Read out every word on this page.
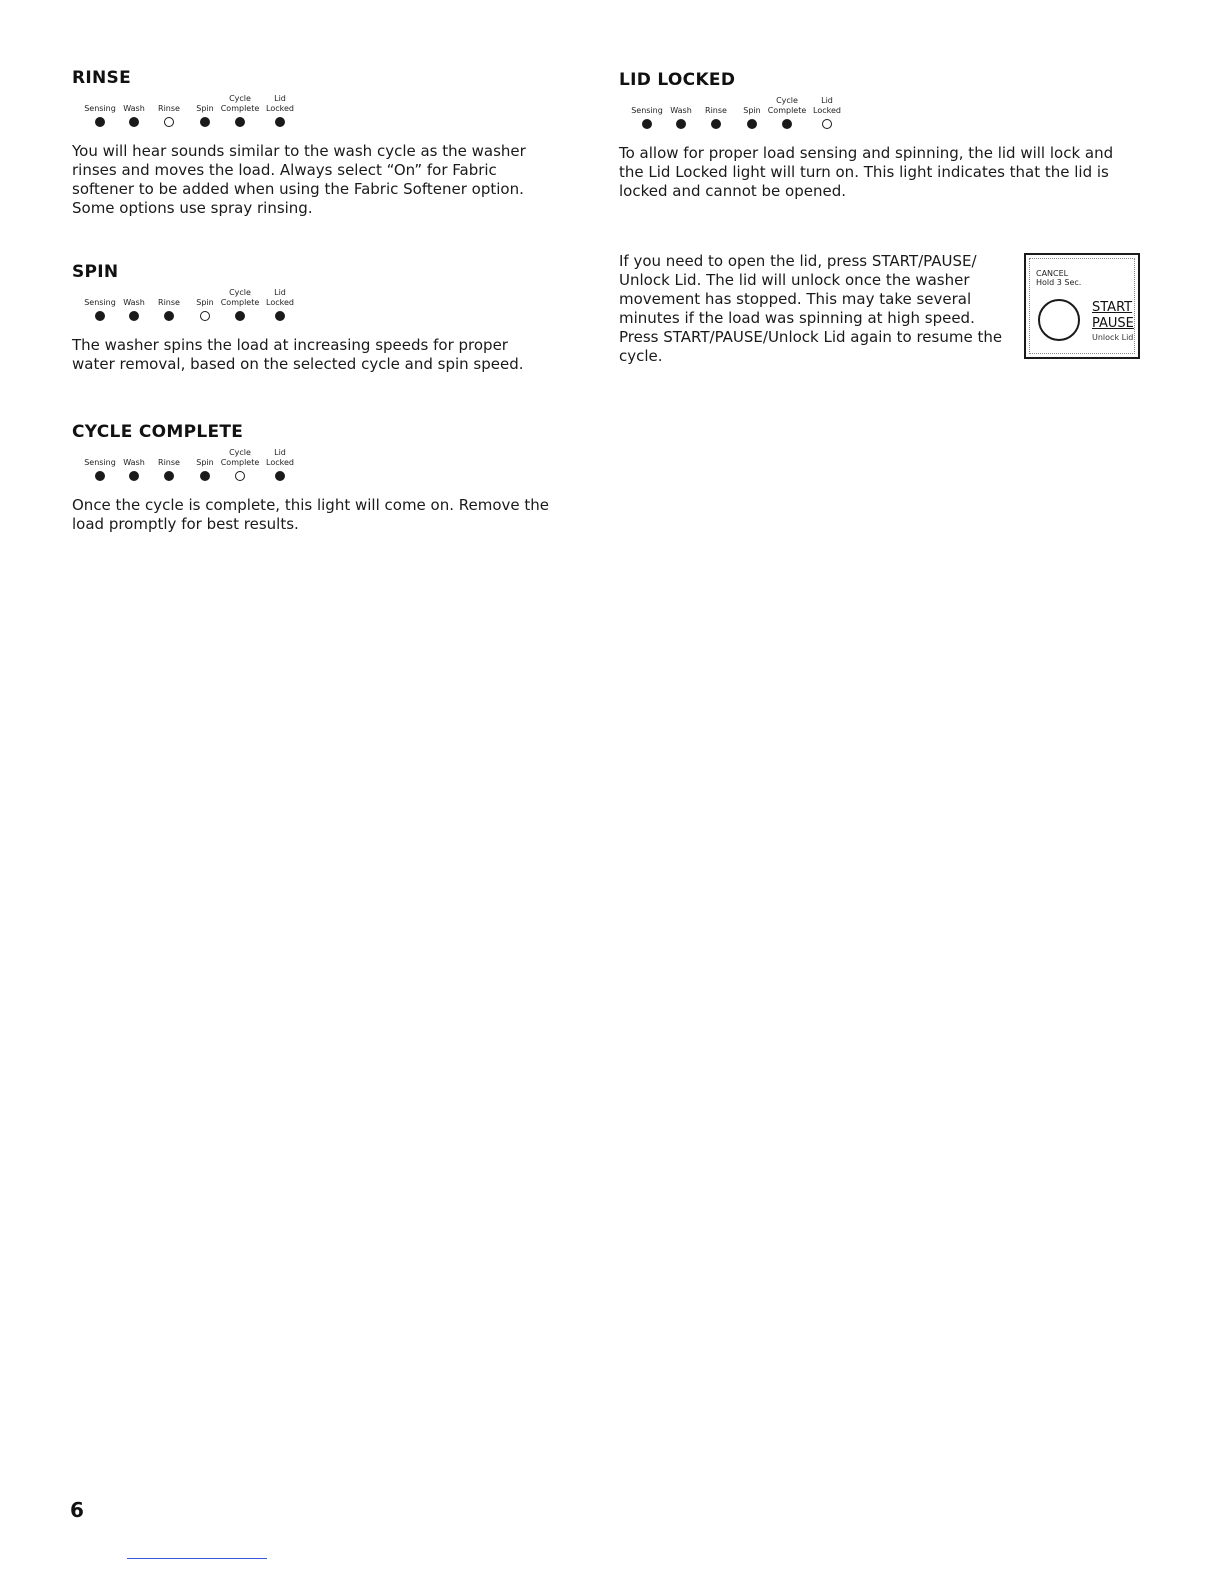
RINSE
Sensing Wash	Rinse	Spin
Cycle
Complete
Lid
Locked

You will hear sounds similar to the wash cycle as the washer rinses and moves the load. Always select “On” for Fabric softener to be added when using the Fabric Softener option. Some options use spray rinsing.

SPIN
Sensing Wash	Rinse	Spin
Cycle
Complete
Lid
Locked

The washer spins the load at increasing speeds for proper water removal, based on the selected cycle and spin speed.

CYCLE COMPLETE
Sensing Wash	Rinse	Spin
Cycle
Complete
Lid
Locked

Once the cycle is complete, this light will come on. Remove the load promptly for best results.

LID LOCKED
Sensing Wash	Rinse	Spin
Cycle
Complete
Lid
Locked

To allow for proper load sensing and spinning, the lid will lock and the Lid Locked light will turn on. This light indicates that the lid is locked and cannot be opened.

If you need to open the lid, press START/PAUSE/ Unlock Lid. The lid will unlock once the washer movement has stopped. This may take several minutes if the load was spinning at high speed. Press START/PAUSE/Unlock Lid again to resume the cycle.

CANCEL
Hold 3 Sec.
START
PAUSE
Unlock Lid
6
